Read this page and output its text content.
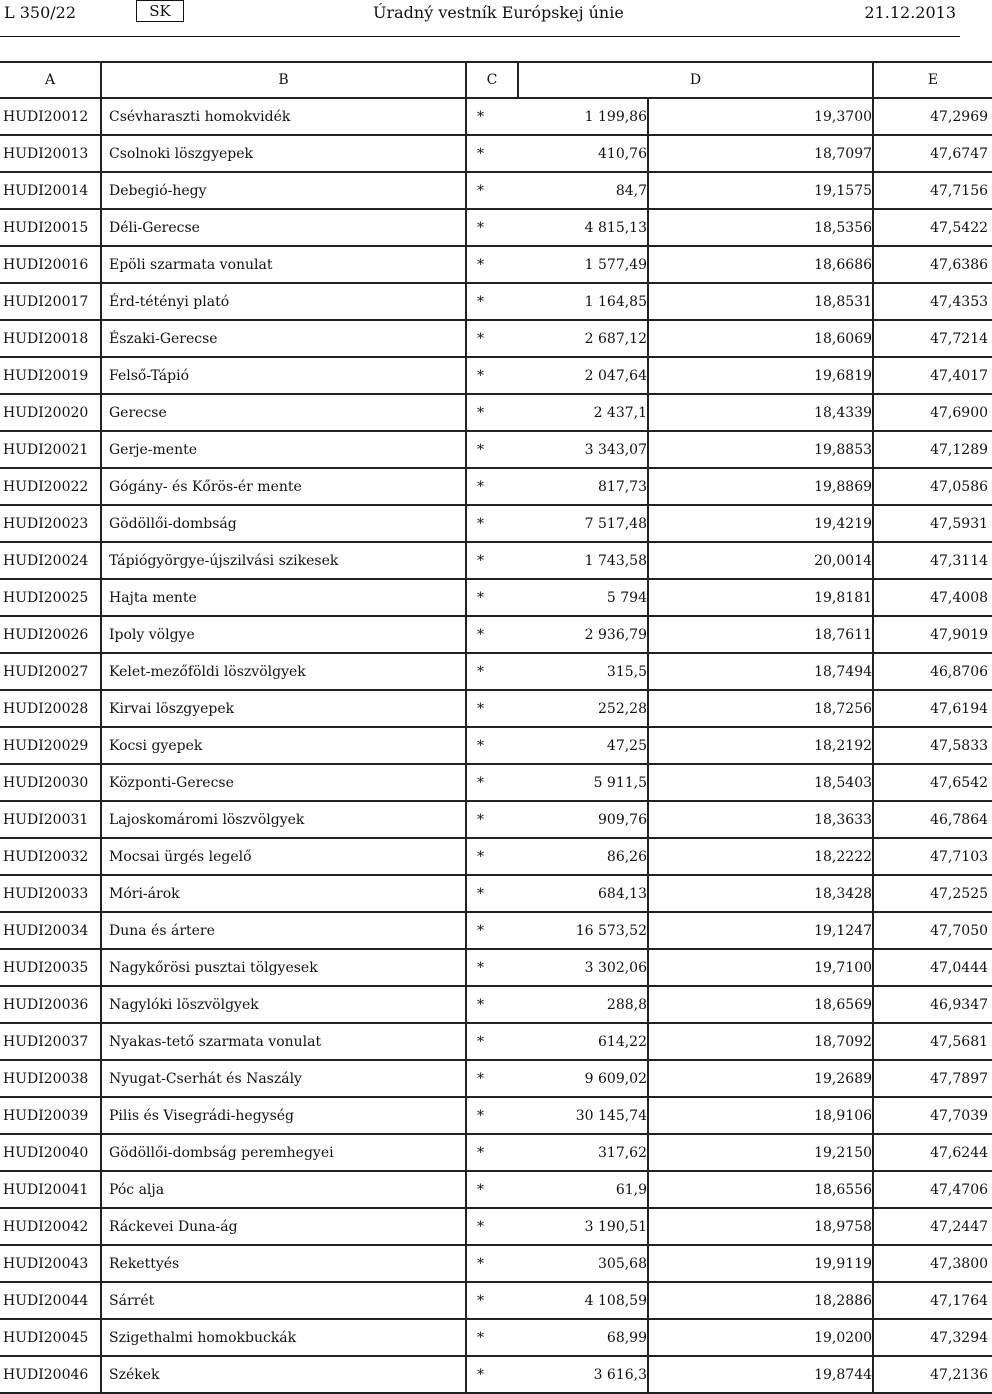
L 350/22	SK	Úradný vestník Európskej únie	21.12.2013
A	B	C	D		E
HUDI20012	Csévharaszti homokvidék	*	1 199,86	19,3700	47,2969
HUDI20013	Csolnoki löszgyepek	*	410,76	18,7097	47,6747
HUDI20014	Debegió-hegy	*	84,7	19,1575	47,7156
HUDI20015	Déli-Gerecse	*	4 815,13	18,5356	47,5422
HUDI20016	Epöli szarmata vonulat	*	1 577,49	18,6686	47,6386
HUDI20017	Érd-tétényi plató	*	1 164,85	18,8531	47,4353
HUDI20018	Északi-Gerecse	*	2 687,12	18,6069	47,7214
HUDI20019	Felső-Tápió	*	2 047,64	19,6819	47,4017
HUDI20020	Gerecse	*	2 437,1	18,4339	47,6900
HUDI20021	Gerje-mente	*	3 343,07	19,8853	47,1289
HUDI20022	Gógány- és Kőrös-ér mente	*	817,73	19,8869	47,0586
HUDI20023	Gödöllői-dombság	*	7 517,48	19,4219	47,5931
HUDI20024	Tápiógyörgye-újszilvási szikesek	*	1 743,58	20,0014	47,3114
HUDI20025	Hajta mente	*	5 794	19,8181	47,4008
HUDI20026	Ipoly völgye	*	2 936,79	18,7611	47,9019
HUDI20027	Kelet-mezőföldi löszvölgyek	*	315,5	18,7494	46,8706
HUDI20028	Kirvai löszgyepek	*	252,28	18,7256	47,6194
HUDI20029	Kocsi gyepek	*	47,25	18,2192	47,5833
HUDI20030	Központi-Gerecse	*	5 911,5	18,5403	47,6542
HUDI20031	Lajoskomáromi löszvölgyek	*	909,76	18,3633	46,7864
HUDI20032	Mocsai ürgés legelő	*	86,26	18,2222	47,7103
HUDI20033	Móri-árok	*	684,13	18,3428	47,2525
HUDI20034	Duna és ártere	*	16 573,52	19,1247	47,7050
HUDI20035	Nagykőrösi pusztai tölgyesek	*	3 302,06	19,7100	47,0444
HUDI20036	Nagylóki löszvölgyek	*	288,8	18,6569	46,9347
HUDI20037	Nyakas-tető szarmata vonulat	*	614,22	18,7092	47,5681
HUDI20038	Nyugat-Cserhát és Naszály	*	9 609,02	19,2689	47,7897
HUDI20039	Pilis és Visegrádi-hegység	*	30 145,74	18,9106	47,7039
HUDI20040	Gödöllői-dombság peremhegyei	*	317,62	19,2150	47,6244
HUDI20041	Póc alja	*	61,9	18,6556	47,4706
HUDI20042	Ráckevei Duna-ág	*	3 190,51	18,9758	47,2447
HUDI20043	Rekettyés	*	305,68	19,9119	47,3800
HUDI20044	Sárrét	*	4 108,59	18,2886	47,1764
HUDI20045	Szigethalmi homokbuckák	*	68,99	19,0200	47,3294
HUDI20046	Székek	*	3 616,3	19,8744	47,2136
